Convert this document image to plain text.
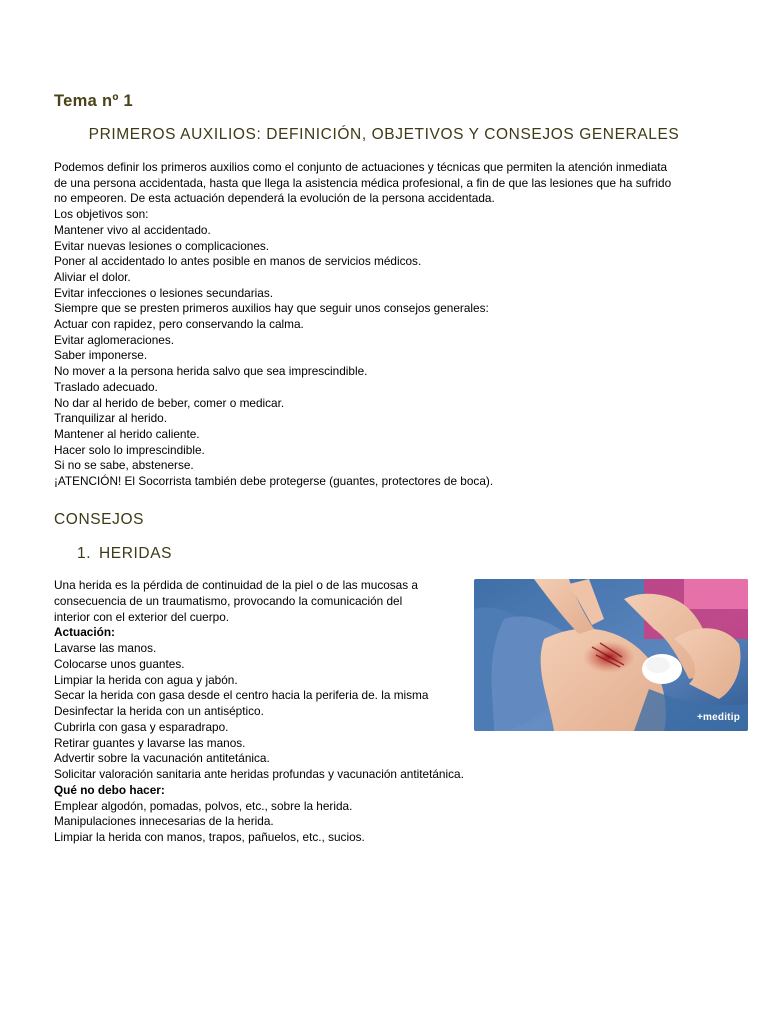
Tema nº 1
PRIMEROS AUXILIOS: DEFINICIÓN, OBJETIVOS Y CONSEJOS GENERALES

Podemos definir los primeros auxilios como el conjunto de actuaciones y técnicas que permiten la atención inmediata
de una persona accidentada, hasta que llega la asistencia médica profesional, a fin de que las lesiones que ha sufrido
no empeoren. De esta actuación dependerá la evolución de la persona accidentada.

Los objetivos son:
Mantener vivo al accidentado.
Evitar nuevas lesiones o complicaciones.
Poner al accidentado lo antes posible en manos de servicios médicos.
Aliviar el dolor.
Evitar infecciones o lesiones secundarias.
Siempre que se presten primeros auxilios hay que seguir unos consejos generales:
Actuar con rapidez, pero conservando la calma.
Evitar aglomeraciones.
Saber imponerse.
No mover a la persona herida salvo que sea imprescindible.
Traslado adecuado.
No dar al herido de beber, comer o medicar.
Tranquilizar al herido.
Mantener al herido caliente.
Hacer solo lo imprescindible.
Si no se sabe, abstenerse.
¡ATENCIÓN! El Socorrista también debe protegerse (guantes, protectores de boca).
CONSEJOS
1. HERIDAS
Una herida es la pérdida de continuidad de la piel o de las mucosas a
consecuencia de un traumatismo, provocando la comunicación del
interior con el exterior del cuerpo.
Actuación:
Lavarse las manos.
Colocarse unos guantes.
Limpiar la herida con agua y jabón.
Secar la herida con gasa desde el centro hacia la periferia de. la misma
Desinfectar la herida con un antiséptico.
Cubrirla con gasa y esparadrapo.
Retirar guantes y lavarse las manos.
Advertir sobre la vacunación antitetánica.
Solicitar valoración sanitaria ante heridas profundas y vacunación antitetánica.
Qué no debo hacer:
Emplear algodón, pomadas, polvos, etc., sobre la herida.
Manipulaciones innecesarias de la herida.
Limpiar la herida con manos, trapos, pañuelos, etc., sucios.
+meditip
